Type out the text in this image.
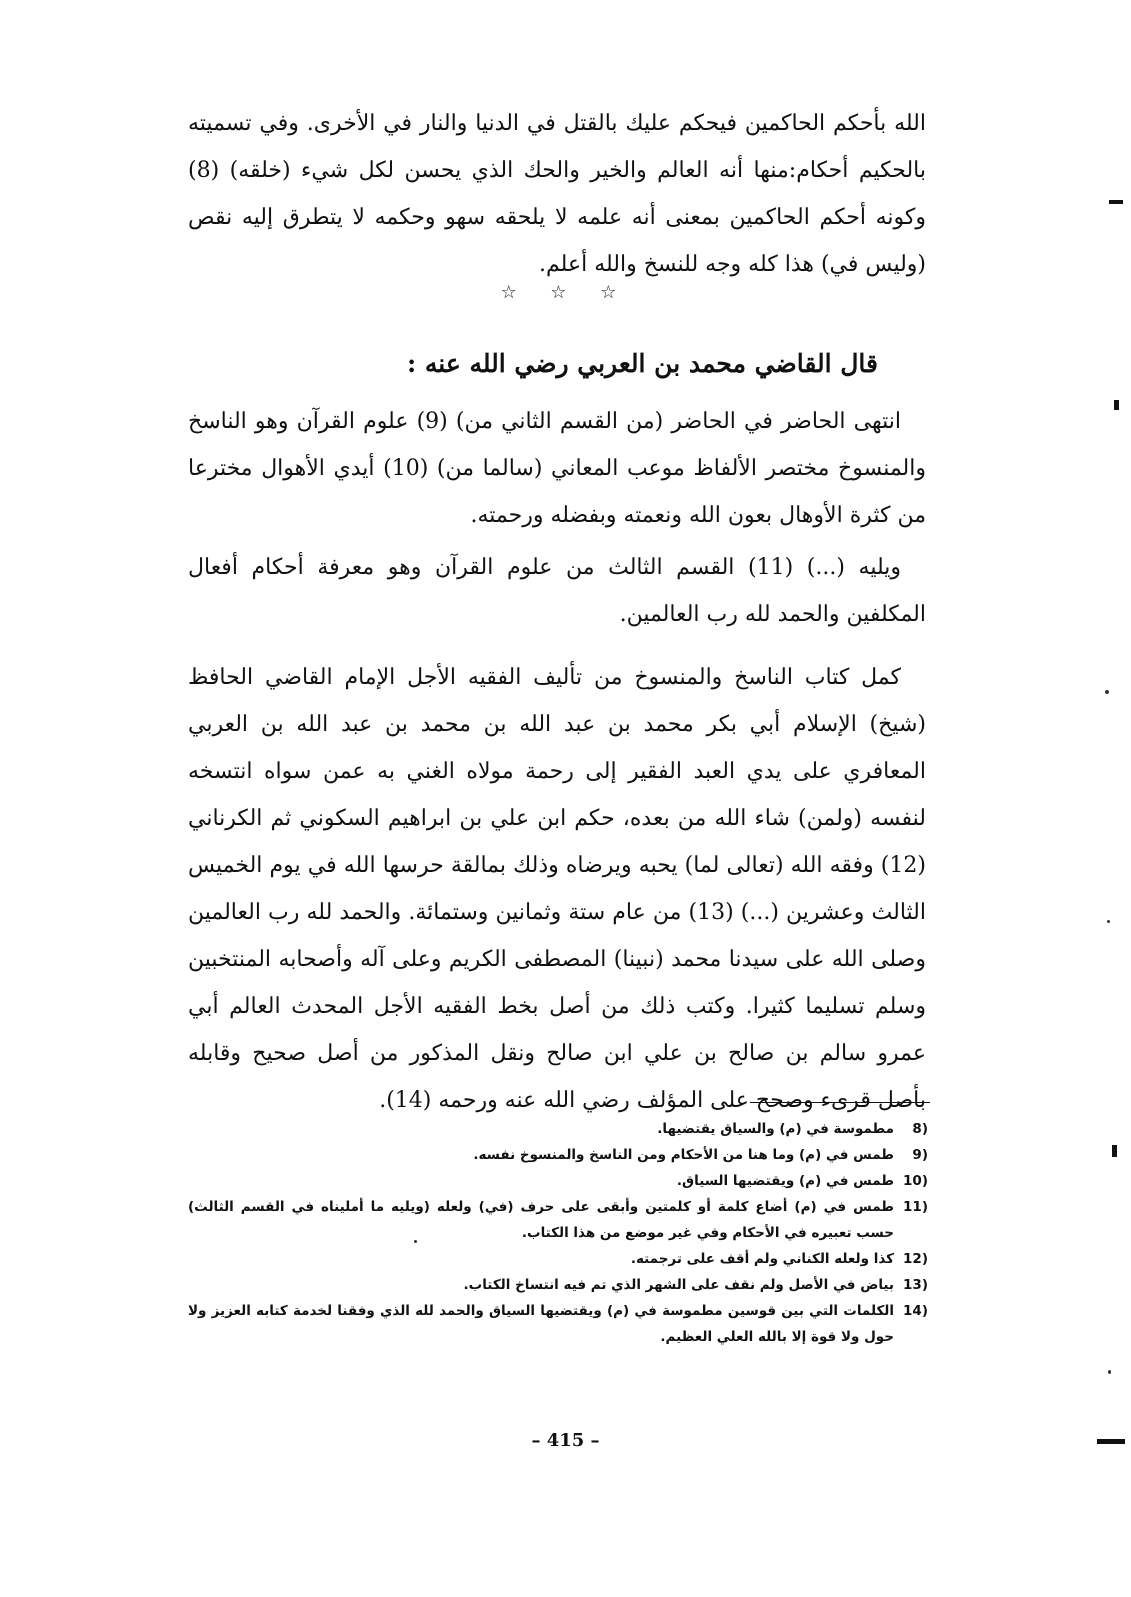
الله بأحكم الحاكمين فيحكم عليك بالقتل في الدنيا والنار في الأخرى. وفي تسميته بالحكيم أحكام:منها أنه العالم والخير والحك الذي يحسن لكل شيء (خلقه) (8) وكونه أحكم الحاكمين بمعنى أنه علمه لا يلحقه سهو وحكمه لا يتطرق إليه نقص (وليس في) هذا كله وجه للنسخ والله أعلم.

☆ ☆ ☆
قال القاضي محمد بن العربي رضي الله عنه :

انتهى الحاضر في الحاضر (من القسم الثاني من) (9) علوم القرآن وهو الناسخ والمنسوخ مختصر الألفاظ موعب المعاني (سالما من) (10) أيدي الأهوال مخترعا من كثرة الأوهال بعون الله ونعمته وبفضله ورحمته.

ويليه (...) (11) القسم الثالث من علوم القرآن وهو معرفة أحكام أفعال المكلفين والحمد لله رب العالمين.

كمل كتاب الناسخ والمنسوخ من تأليف الفقيه الأجل الإمام القاضي الحافظ (شيخ) الإسلام أبي بكر محمد بن عبد الله بن محمد بن عبد الله بن العربي المعافري على يدي العبد الفقير إلى رحمة مولاه الغني به عمن سواه انتسخه لنفسه (ولمن) شاء الله من بعده، حكم ابن علي بن ابراهيم السكوني ثم الكرناني (12) وفقه الله (تعالى لما) يحبه ويرضاه وذلك بمالقة حرسها الله في يوم الخميس الثالث وعشرين (...) (13) من عام ستة وثمانين وستمائة. والحمد لله رب العالمين وصلى الله على سيدنا محمد (نبينا) المصطفى الكريم وعلى آله وأصحابه المنتخبين وسلم تسليما كثيرا. وكتب ذلك من أصل بخط الفقيه الأجل المحدث العالم أبي عمرو سالم بن صالح بن علي ابن صالح ونقل المذكور من أصل صحيح وقابله بأصل قرىء وصحح على المؤلف رضي الله عنه ورحمه (14).

8)
مطموسة في (م) والسياق يقتضيها.
9)
طمس في (م) وما هنا من الأحكام ومن الناسخ والمنسوخ نفسه.
10)
طمس في (م) ويقتضيها السياق.
11)
طمس في (م) أضاع كلمة أو كلمتين وأبقى على حرف (في) ولعله (ويليه ما أمليناه في القسم الثالث) حسب تعبيره في الأحكام وفي غير موضع من هذا الكتاب.
12)
كذا ولعله الكناني ولم أقف على ترجمته.
13)
بياض في الأصل ولم نقف على الشهر الذي تم فيه انتساخ الكتاب.
14)
الكلمات التي بين قوسين مطموسة في (م) ويقتضيها السياق والحمد لله الذي وفقنا لخدمة كتابه العزيز ولا حول ولا قوة إلا بالله العلي العظيم.
– 415 –
